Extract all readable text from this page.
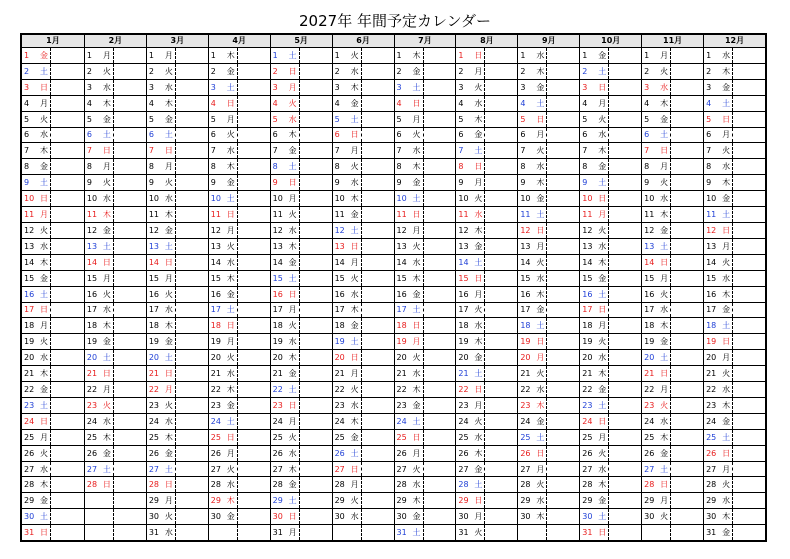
2027年 年間予定カレンダー
1月
1	金
2	土
3	日
4	月
5	火
6	水
7	木
8	金
9	土
10 日
11 月
12 火
13 水
14 木
15 金
16 土
17 日
18 月
19 火
20 水
21 木
22 金
23 土
24 日
25 月
26 火
27 水
28 木
29 金
30 土
31 日
2月
1	月
2	火
3	水
4	木
5	金
6	土
7	日
8	月
9	火
10 水
11 木
12 金
13 土
14 日
15 月
16 火
17 水
18 木
19 金
20 土
21 日
22 月
23 火
24 水
25 木
26 金
27 土
28 日
3月
1	月
2	火
3	水
4	木
5	金
6	土
7	日
8	月
9	火
10 水
11 木
12 金
13 土
14 日
15 月
16 火
17 水
18 木
19 金
20 土
21 日
22 月
23 火
24 水
25 木
26 金
27 土
28 日
29 月
30 火
31 水
4月
1	木
2	金
3	土
4	日
5	月
6	火
7	水
8	木
9	金
10 土
11 日
12 月
13 火
14 水
15 木
16 金
17 土
18 日
19 月
20 火
21 水
22 木
23 金
24 土
25 日
26 月
27 火
28 水
29 木
30 金
5月
1	土
2	日
3	月
4	火
5	水
6	木
7	金
8	土
9	日
10 月
11 火
12 水
13 木
14 金
15 土
16 日
17 月
18 火
19 水
20 木
21 金
22 土
23 日
24 月
25 火
26 水
27 木
28 金
29 土
30 日
31 月
6月
1	火
2	水
3	木
4	金
5	土
6	日
7	月
8	火
9	水
10 木
11 金
12 土
13 日
14 月
15 火
16 水
17 木
18 金
19 土
20 日
21 月
22 火
23 水
24 木
25 金
26 土
27 日
28 月
29 火
30 水
7月
1	木
2	金
3	土
4	日
5	月
6	火
7	水
8	木
9	金
10 土
11 日
12 月
13 火
14 水
15 木
16 金
17 土
18 日
19 月
20 火
21 水
22 木
23 金
24 土
25 日
26 月
27 火
28 水
29 木
30 金
31 土
8月
1	日
2	月
3	火
4	水
5	木
6	金
7	土
8	日
9	月
10 火
11 水
12 木
13 金
14 土
15 日
16 月
17 火
18 水
19 木
20 金
21 土
22 日
23 月
24 火
25 水
26 木
27 金
28 土
29 日
30 月
31 火
9月
1	水
2	木
3	金
4	土
5	日
6	月
7	火
8	水
9	木
10 金
11 土
12 日
13 月
14 火
15 水
16 木
17 金
18 土
19 日
20 月
21 火
22 水
23 木
24 金
25 土
26 日
27 月
28 火
29 水
30 木
10月
1	金
2	土
3	日
4	月
5	火
6	水
7	木
8	金
9	土
10 日
11 月
12 火
13 水
14 木
15 金
16 土
17 日
18 月
19 火
20 水
21 木
22 金
23 土
24 日
25 月
26 火
27 水
28 木
29 金
30 土
31 日
11月
1	月
2	火
3	水
4	木
5	金
6	土
7	日
8	月
9	火
10 水
11 木
12 金
13 土
14 日
15 月
16 火
17 水
18 木
19 金
20 土
21 日
22 月
23 火
24 水
25 木
26 金
27 土
28 日
29 月
30 火
12月
1	水
2	木
3	金
4	土
5	日
6	月
7	火
8	水
9	木
10 金
11 土
12 日
13 月
14 火
15 水
16 木
17 金
18 土
19 日
20 月
21 火
22 水
23 木
24 金
25 土
26 日
27 月
28 火
29 水
30 木
31 金
